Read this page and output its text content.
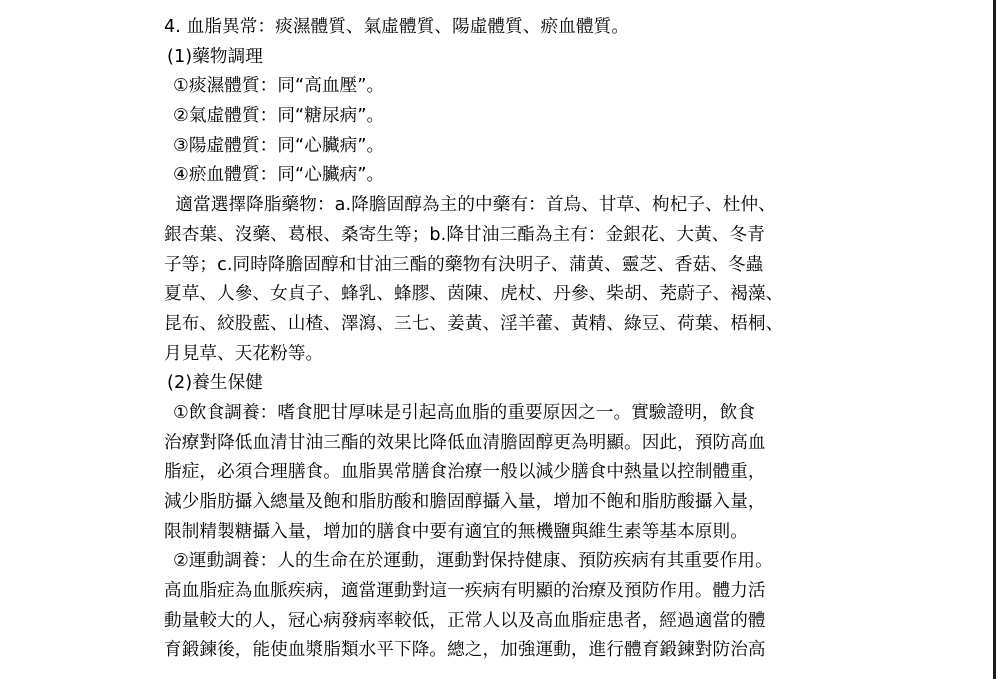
4. 血脂異常：痰濕體質、氣虛體質、陽虛體質、瘀血體質。
(1)藥物調理
①痰濕體質：同“高血壓”。
②氣虛體質：同“糖尿病”。
③陽虛體質：同“心臟病”。
④瘀血體質：同“心臟病”。
適當選擇降脂藥物：a.降膽固醇為主的中藥有：首烏、甘草、枸杞子、杜仲、
銀杏葉、沒藥、葛根、桑寄生等；b.降甘油三酯為主有：金銀花、大黃、冬青
子等；c.同時降膽固醇和甘油三酯的藥物有決明子、蒲黃、靈芝、香菇、冬蟲
夏草、人參、女貞子、蜂乳、蜂膠、茵陳、虎杖、丹參、柴胡、茺蔚子、褐藻、
昆布、絞股藍、山楂、澤瀉、三七、姜黃、淫羊藿、黃精、綠豆、荷葉、梧桐、
月見草、天花粉等。
(2)養生保健
①飲食調養：嗜食肥甘厚味是引起高血脂的重要原因之一。實驗證明，飲食
治療對降低血清甘油三酯的效果比降低血清膽固醇更為明顯。因此，預防高血
脂症，必須合理膳食。血脂異常膳食治療一般以減少膳食中熱量以控制體重，
減少脂肪攝入總量及飽和脂肪酸和膽固醇攝入量，增加不飽和脂肪酸攝入量，
限制精製糖攝入量，增加的膳食中要有適宜的無機鹽與維生素等基本原則。
②運動調養：人的生命在於運動，運動對保持健康、預防疾病有其重要作用。
高血脂症為血脈疾病，適當運動對這一疾病有明顯的治療及預防作用。體力活
動量較大的人，冠心病發病率較低，正常人以及高血脂症患者，經過適當的體
育鍛鍊後，能使血漿脂類水平下降。總之，加強運動，進行體育鍛鍊對防治高
